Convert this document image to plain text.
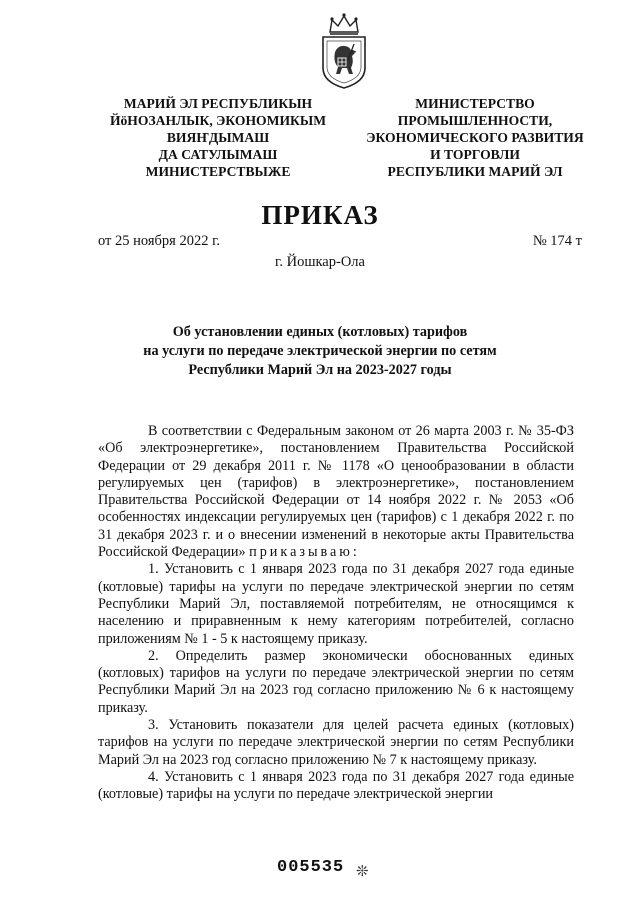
МАРИЙ ЭЛ РЕСПУБЛИКЫН
ЙӧНОЗАНЛЫК, ЭКОНОМИКЫМ
ВИЯҤДЫМАШ
ДА САТУЛЫМАШ
МИНИСТЕРСТВЫЖЕ
МИНИСТЕРСТВО
ПРОМЫШЛЕННОСТИ,
ЭКОНОМИЧЕСКОГО РАЗВИТИЯ
И ТОРГОВЛИ
РЕСПУБЛИКИ МАРИЙ ЭЛ
ПРИКАЗ
от 25 ноября 2022 г.	№ 174 т
г. Йошкар-Ола
Об установлении единых (котловых) тарифов
на услуги по передаче электрической энергии по сетям
Республики Марий Эл на 2023-2027 годы

В соответствии с Федеральным законом от 26 марта 2003 г. № 35-ФЗ «Об электроэнергетике», постановлением Правительства Российской Федерации от 29 декабря 2011 г. № 1178 «О ценообразовании в области регулируемых цен (тарифов) в электроэнергетике», постановлением Правительства Российской Федерации от 14 ноября 2022 г. № 2053 «Об особенностях индексации регулируемых цен (тарифов) с 1 декабря 2022 г. по 31 декабря 2023 г. и о внесении изменений в некоторые акты Правительства Российской Федерации» приказываю:

1. Установить с 1 января 2023 года по 31 декабря 2027 года единые (котловые) тарифы на услуги по передаче электрической энергии по сетям Республики Марий Эл, поставляемой потребителям, не относящимся к населению и приравненным к нему категориям потребителей, согласно приложениям № 1 - 5 к настоящему приказу.

2. Определить размер экономически обоснованных единых (котловых) тарифов на услуги по передаче электрической энергии по сетям Республики Марий Эл на 2023 год согласно приложению № 6 к настоящему приказу.

3. Установить показатели для целей расчета единых (котловых) тарифов на услуги по передаче электрической энергии по сетям Республики Марий Эл на 2023 год согласно приложению № 7 к настоящему приказу.

4. Установить с 1 января 2023 года по 31 декабря 2027 года единые (котловые) тарифы на услуги по передаче электрической энергии

005535 ❊
